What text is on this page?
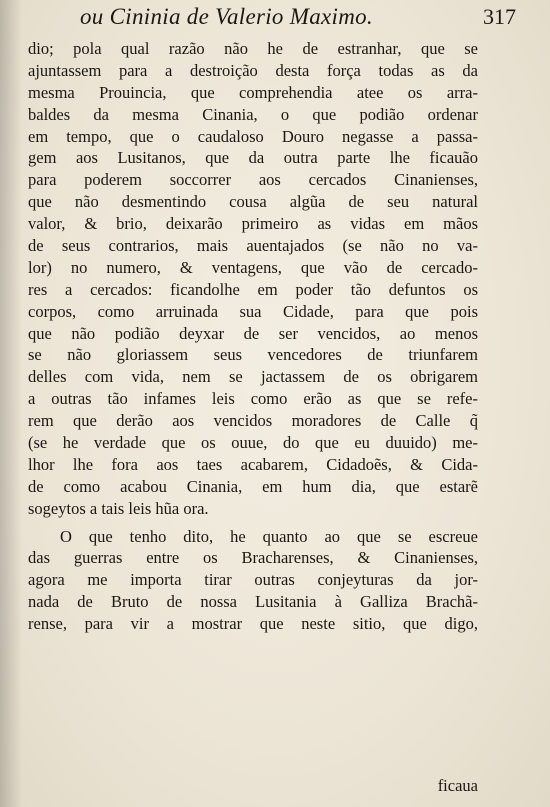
ou Cininia de Valerio Maximo.	317
dio; pola qual razão não he de estranhar, que se
ajuntassem para a destroição desta força todas as da
mesma Prouincia, que comprehendia atee os arra-
baldes da mesma Cinania, o que podião ordenar
em tempo, que o caudaloso Douro negasse a passa-
gem aos Lusitanos, que da outra parte lhe ficauão
para poderem soccorrer aos cercados Cinanienses,
que não desmentindo cousa algũa de seu natural
valor, & brio, deixarão primeiro as vidas em mãos
de seus contrarios, mais auentajados (se não no va-
lor) no numero, & ventagens, que vão de cercado-
res a cercados: ficandolhe em poder tão defuntos os
corpos, como arruinada sua Cidade, para que pois
que não podião deyxar de ser vencidos, ao menos
se não gloriassem seus vencedores de triunfarem
delles com vida, nem se jactassem de os obrigarem
a outras tão infames leis como erão as que se refe-
rem que derão aos vencidos moradores de Calle q̃
(se he verdade que os ouue, do que eu duuido) me-
lhor lhe fora aos taes acabarem, Cidadoẽs, & Cida-
de como acabou Cinania, em hum dia, que estarẽ
sogeytos a tais leis hũa ora.
O que tenho dito, he quanto ao que se escreue
das guerras entre os Bracharenses, & Cinanienses,
agora me importa tirar outras conjeyturas da jor-
nada de Bruto de nossa Lusitania à Galliza Brachã-
rense, para vir a mostrar que neste sitio, que digo,
ficaua
